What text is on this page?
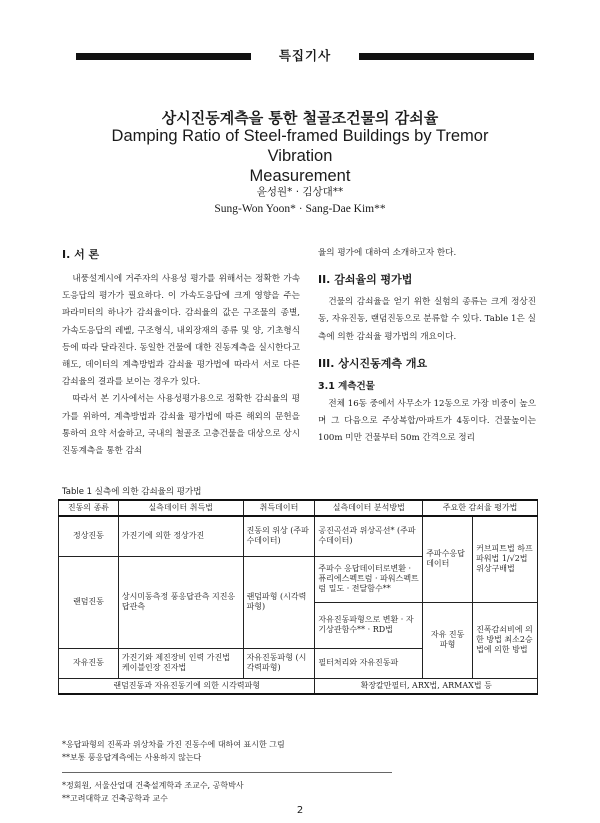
특집기사
상시진동계측을 통한 철골조건물의 감쇠율
Damping Ratio of Steel-framed Buildings by Tremor Vibration
Measurement
윤성원* · 김상대**
Sung-Won Yoon* · Sang-Dae Kim**
I. 서 론

내풍설계시에 거주자의 사용성 평가를 위해서는 정확한 가속도응답의 평가가 필요하다. 이 가속도응답에 크게 영향을 주는 파라미터의 하나가 감쇠율이다. 감쇠율의 값은 구조물의 종별, 가속도응답의 레벨, 구조형식, 내외장재의 종류 및 양, 기초형식 등에 따라 달라진다. 동일한 건물에 대한 진동계측을 실시한다고 해도, 데이터의 계측방법과 감쇠율 평가법에 따라서 서로 다른 감쇠율의 결과를 보이는 경우가 있다.

따라서 본 기사에서는 사용성평가용으로 정확한 감쇠율의 평가를 위하여, 계측방법과 감쇠율 평가법에 따른 해외의 문헌을 통하여 요약 서술하고, 국내의 철골조 고층건물을 대상으로 상시진동계측을 통한 감쇠

율의 평가에 대하여 소개하고자 한다.

II. 감쇠율의 평가법

건물의 감쇠율을 얻기 위한 실험의 종류는 크게 정상진동, 자유진동, 랜덤진동으로 분류할 수 있다. Table 1은 실측에 의한 감쇠율 평가법의 개요이다.

III. 상시진동계측 개요
3.1 계측건물

전체 16동 중에서 사무소가 12동으로 가장 비중이 높으며 그 다음으로 주상복합/아파트가 4동이다. 건물높이는 100m 미만 건물부터 50m 간격으로 정리

Table 1 실측에 의한 감쇠율의 평가법
진동의 종류	실측데이터 취득법	취득데이터	실측데이터 분석방법	주요한 감쇠율 평가법	
정상진동	가진기에 의한 정상가진	진동의 위상 (주파수데이터)	공진곡선과 위상곡선* (주파수데이터)	주파수응답 데이터	커브피트법 하프파워법 1/√2법 위상구배법
랜덤진동	상시미동측정 풍응답관측 지진응답관측	랜덤파형 (시각력파형)	주파수 응답데이터로변환 · 퓨리에스펙트럼 · 파워스펙트럼 밀도 · 전달함수**		
			자유진동파형으로 변환 · 자기상관함수** · RD법	자유 진동 파형	진폭감쇠비에 의한 방법 최소2승법에 의한 방법
자유진동	가진기와 제진장비 인력 가진법 케이블인장 진자법	자유진동파형 (시각력파형)	필터처리와 자유진동파		
랜덤진동과 자유진동기에 의한 시각력파형			확장칼만필터, ARX법, ARMAX법 등		
*응답파형의 진폭과 위상차를 가진 진동수에 대하여 표시한 그림
**보통 풍응답계측에는 사용하지 않는다
*정회원, 서울산업대 건축설계학과 조교수, 공학박사
**고려대학교 건축공학과 교수
2
